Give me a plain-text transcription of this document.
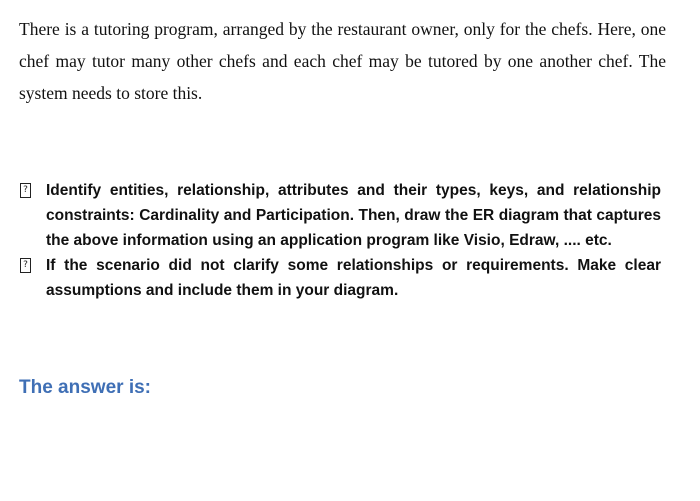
There is a tutoring program, arranged by the restaurant owner, only for the chefs. Here, one chef may tutor many other chefs and each chef may be tutored by one another chef. The system needs to store this.

? Identify entities, relationship, attributes and their types, keys, and relationship constraints: Cardinality and Participation. Then, draw the ER diagram that captures the above information using an application program like Visio, Edraw, .... etc.
? If the scenario did not clarify some relationships or requirements. Make clear assumptions and include them in your diagram.
The answer is:
